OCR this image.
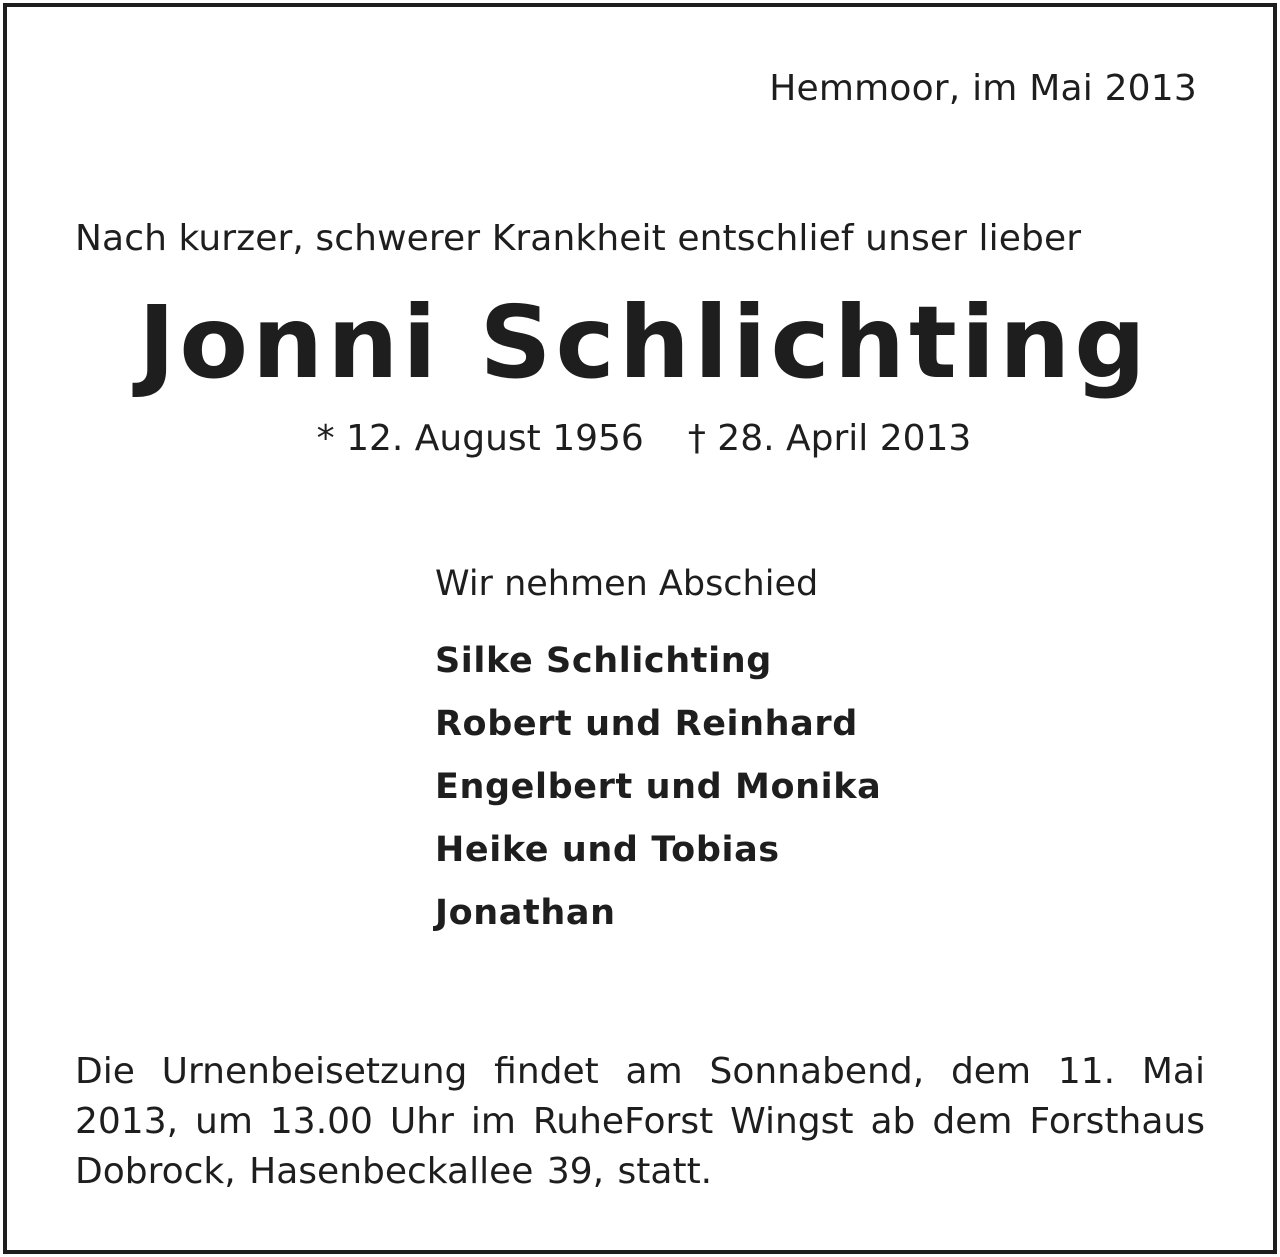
Hemmoor, im Mai 2013
Nach kurzer, schwerer Krankheit entschlief unser lieber
Jonni Schlichting
* 12. August 1956 † 28. April 2013
Wir nehmen Abschied
Silke Schlichting
Robert und Reinhard
Engelbert und Monika
Heike und Tobias
Jonathan
Die Urnenbeisetzung findet am Sonnabend, dem 11. Mai 2013, um 13.00 Uhr im RuheForst Wingst ab dem Forsthaus Dobrock, Hasenbeckallee 39, statt.
